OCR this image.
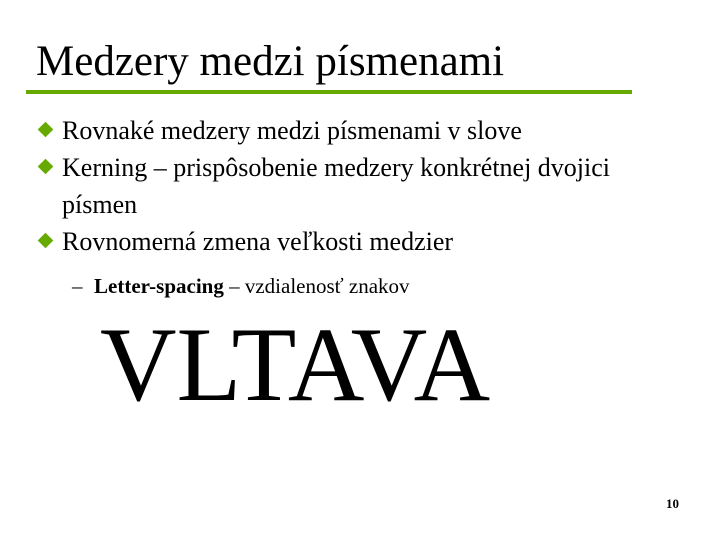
Medzery medzi písmenami
Rovnaké medzery medzi písmenami v slove
Kerning – prispôsobenie medzery konkrétnej dvojici písmen
Rovnomerná zmena veľkosti medzier
– Letter-spacing – vzdialenosť znakov
VLTAVA
10
